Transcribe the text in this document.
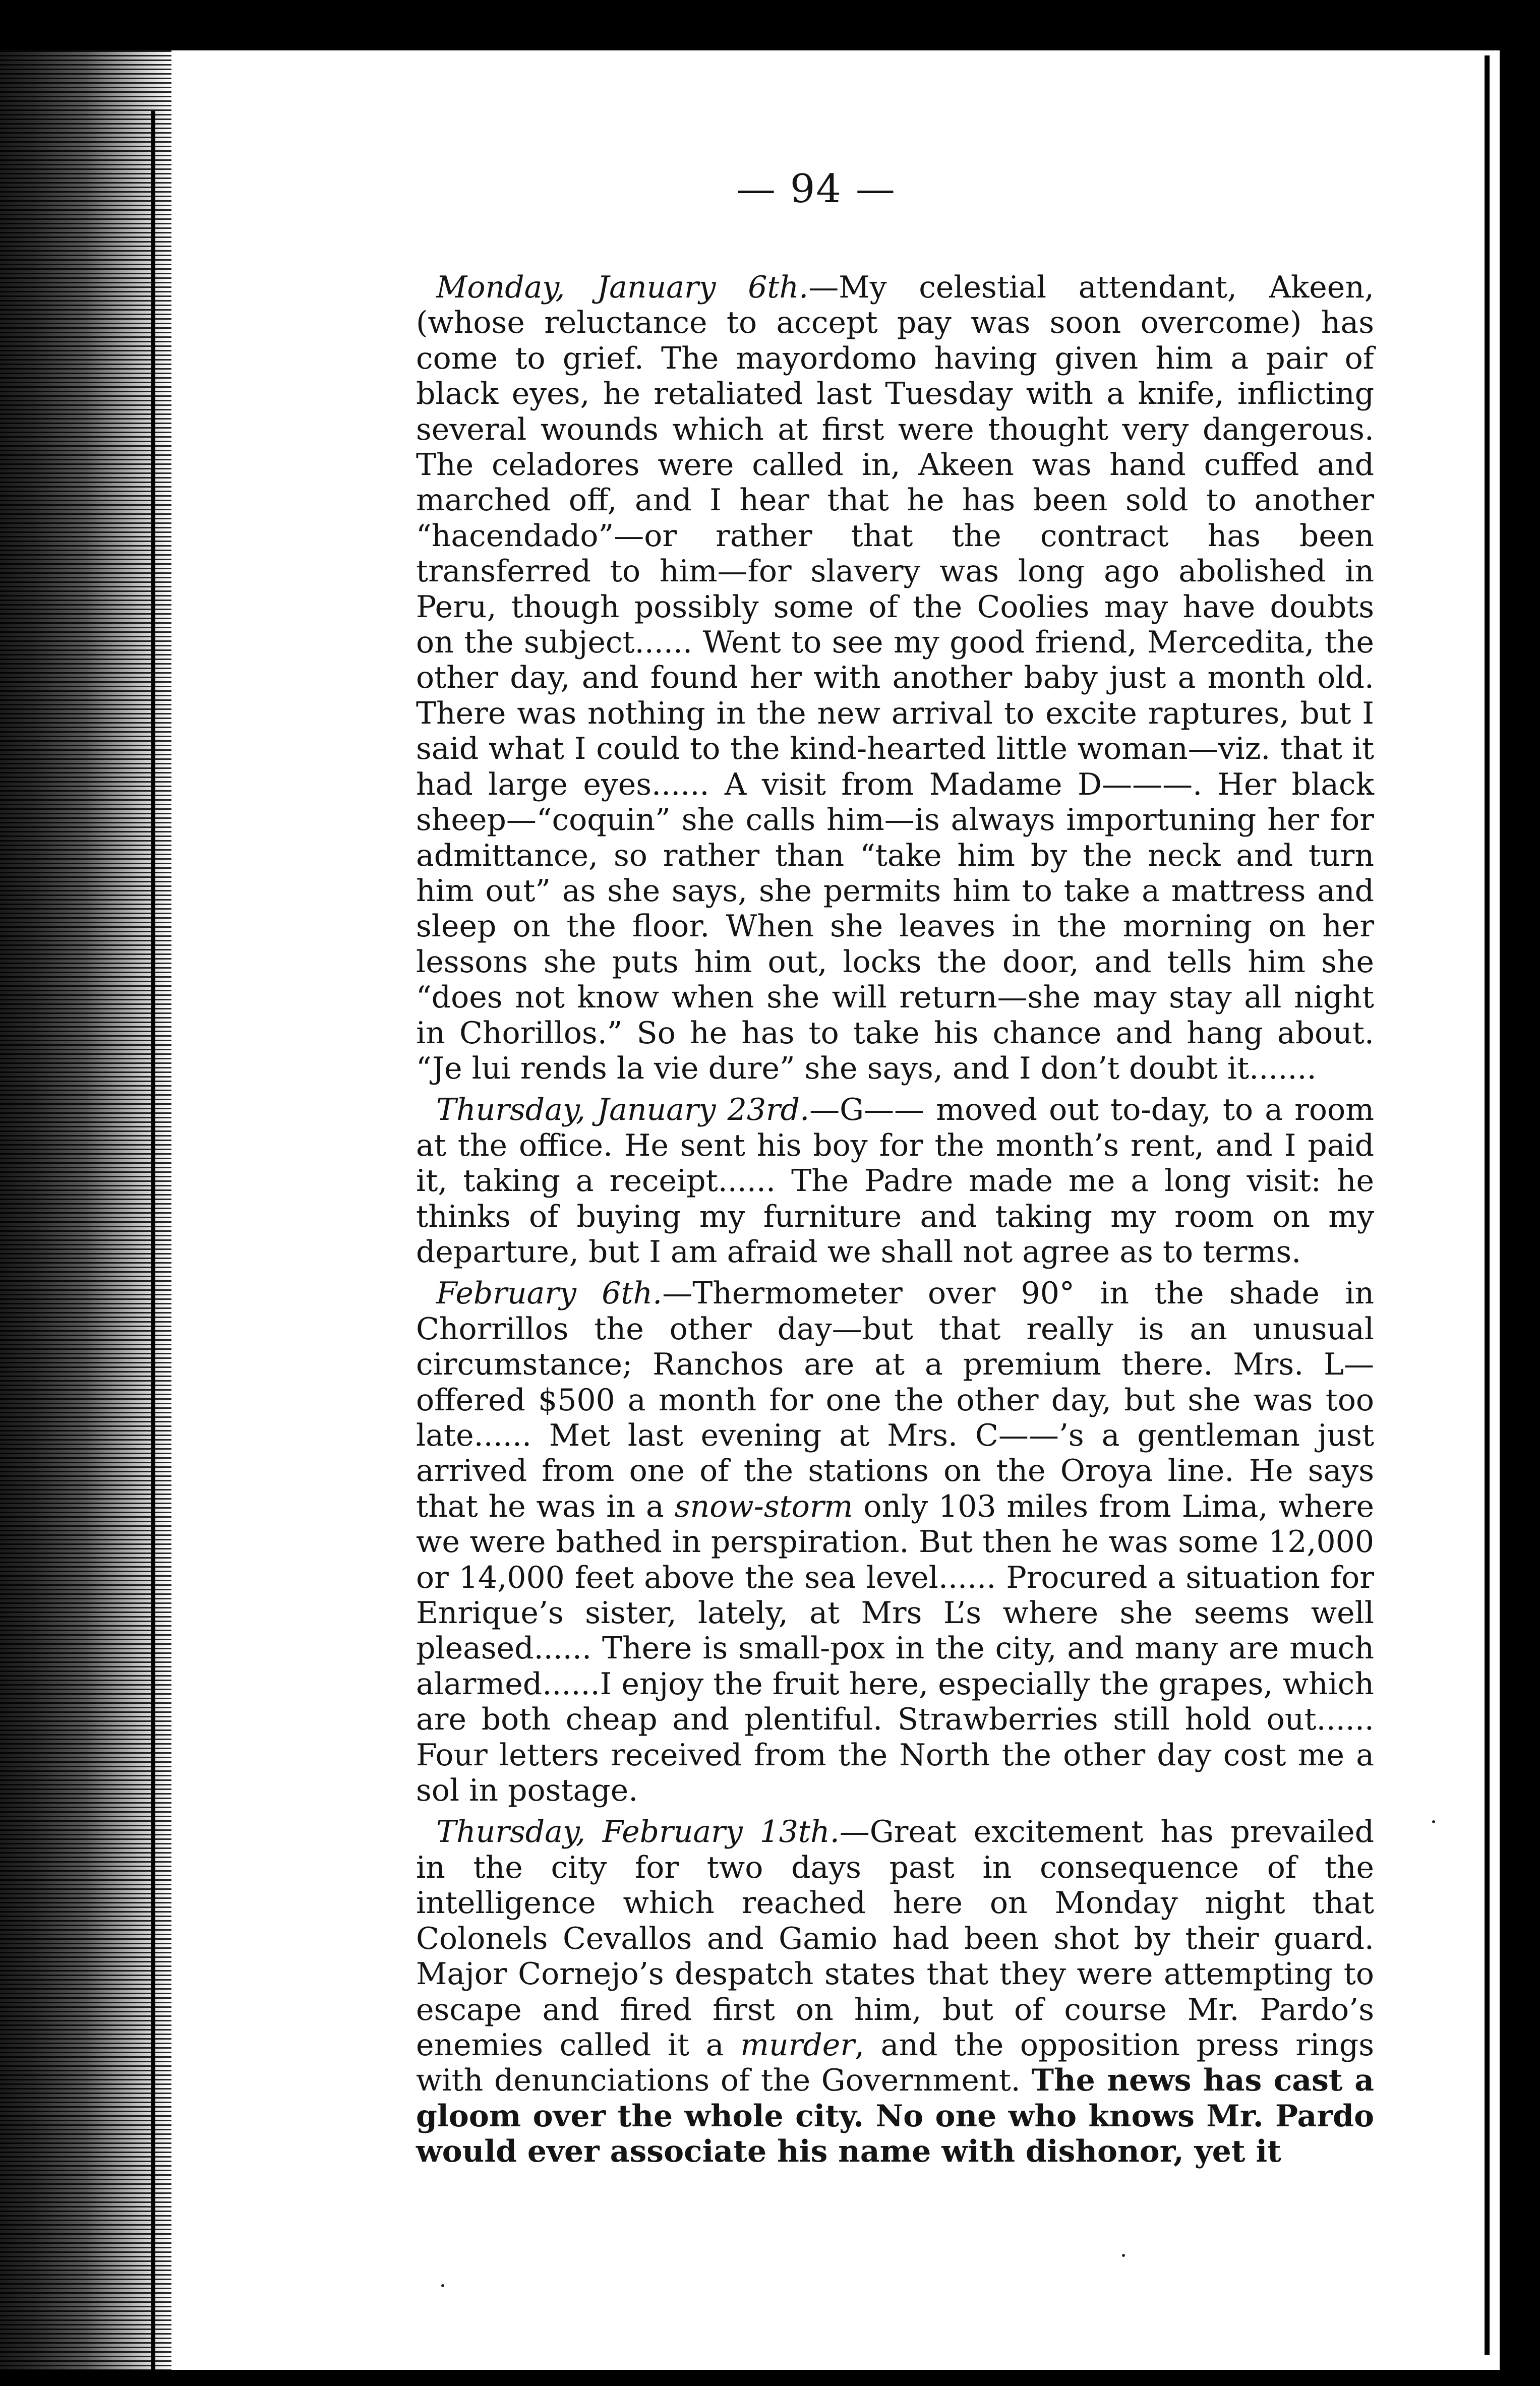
— 94 —

Monday, January 6th.—My celestial attendant, Akeen, (whose reluctance to accept pay was soon overcome) has come to grief. The mayordomo having given him a pair of black eyes, he retaliated last Tuesday with a knife, inflicting several wounds which at first were thought very dangerous. The celadores were called in, Akeen was hand cuffed and marched off, and I hear that he has been sold to another “hacendado”—or rather that the contract has been transferred to him—for slavery was long ago abolished in Peru, though possibly some of the Coolies may have doubts on the subject...... Went to see my good friend, Mercedita, the other day, and found her with another baby just a month old. There was nothing in the new arrival to excite raptures, but I said what I could to the kind-hearted little woman—viz. that it had large eyes...... A visit from Madame D———. Her black sheep—“coquin” she calls him—is always importuning her for admittance, so rather than “take him by the neck and turn him out” as she says, she permits him to take a mattress and sleep on the floor. When she leaves in the morning on her lessons she puts him out, locks the door, and tells him she “does not know when she will return—she may stay all night in Chorillos.” So he has to take his chance and hang about. “Je lui rends la vie dure” she says, and I don’t doubt it.......

Thursday, January 23rd.—G—— moved out to-day, to a room at the office. He sent his boy for the month’s rent, and I paid it, taking a receipt...... The Padre made me a long visit: he thinks of buying my furniture and taking my room on my departure, but I am afraid we shall not agree as to terms.

February 6th.—Thermometer over 90° in the shade in Chorrillos the other day—but that really is an unusual circumstance; Ranchos are at a premium there. Mrs. L— offered $500 a month for one the other day, but she was too late...... Met last evening at Mrs. C——’s a gentleman just arrived from one of the stations on the Oroya line. He says that he was in a snow-storm only 103 miles from Lima, where we were bathed in perspiration. But then he was some 12,000 or 14,000 feet above the sea level...... Procured a situation for Enrique’s sister, lately, at Mrs L’s where she seems well pleased...... There is small-pox in the city, and many are much alarmed......I enjoy the fruit here, especially the grapes, which are both cheap and plentiful. Strawberries still hold out...... Four letters received from the North the other day cost me a sol in postage.

Thursday, February 13th.—Great excitement has prevailed in the city for two days past in consequence of the intelligence which reached here on Monday night that Colonels Cevallos and Gamio had been shot by their guard. Major Cornejo’s despatch states that they were attempting to escape and fired first on him, but of course Mr. Pardo’s enemies called it a murder, and the opposition press rings with denunciations of the Government. The news has cast a gloom over the whole city. No one who knows Mr. Pardo would ever associate his name with dishonor, yet it
